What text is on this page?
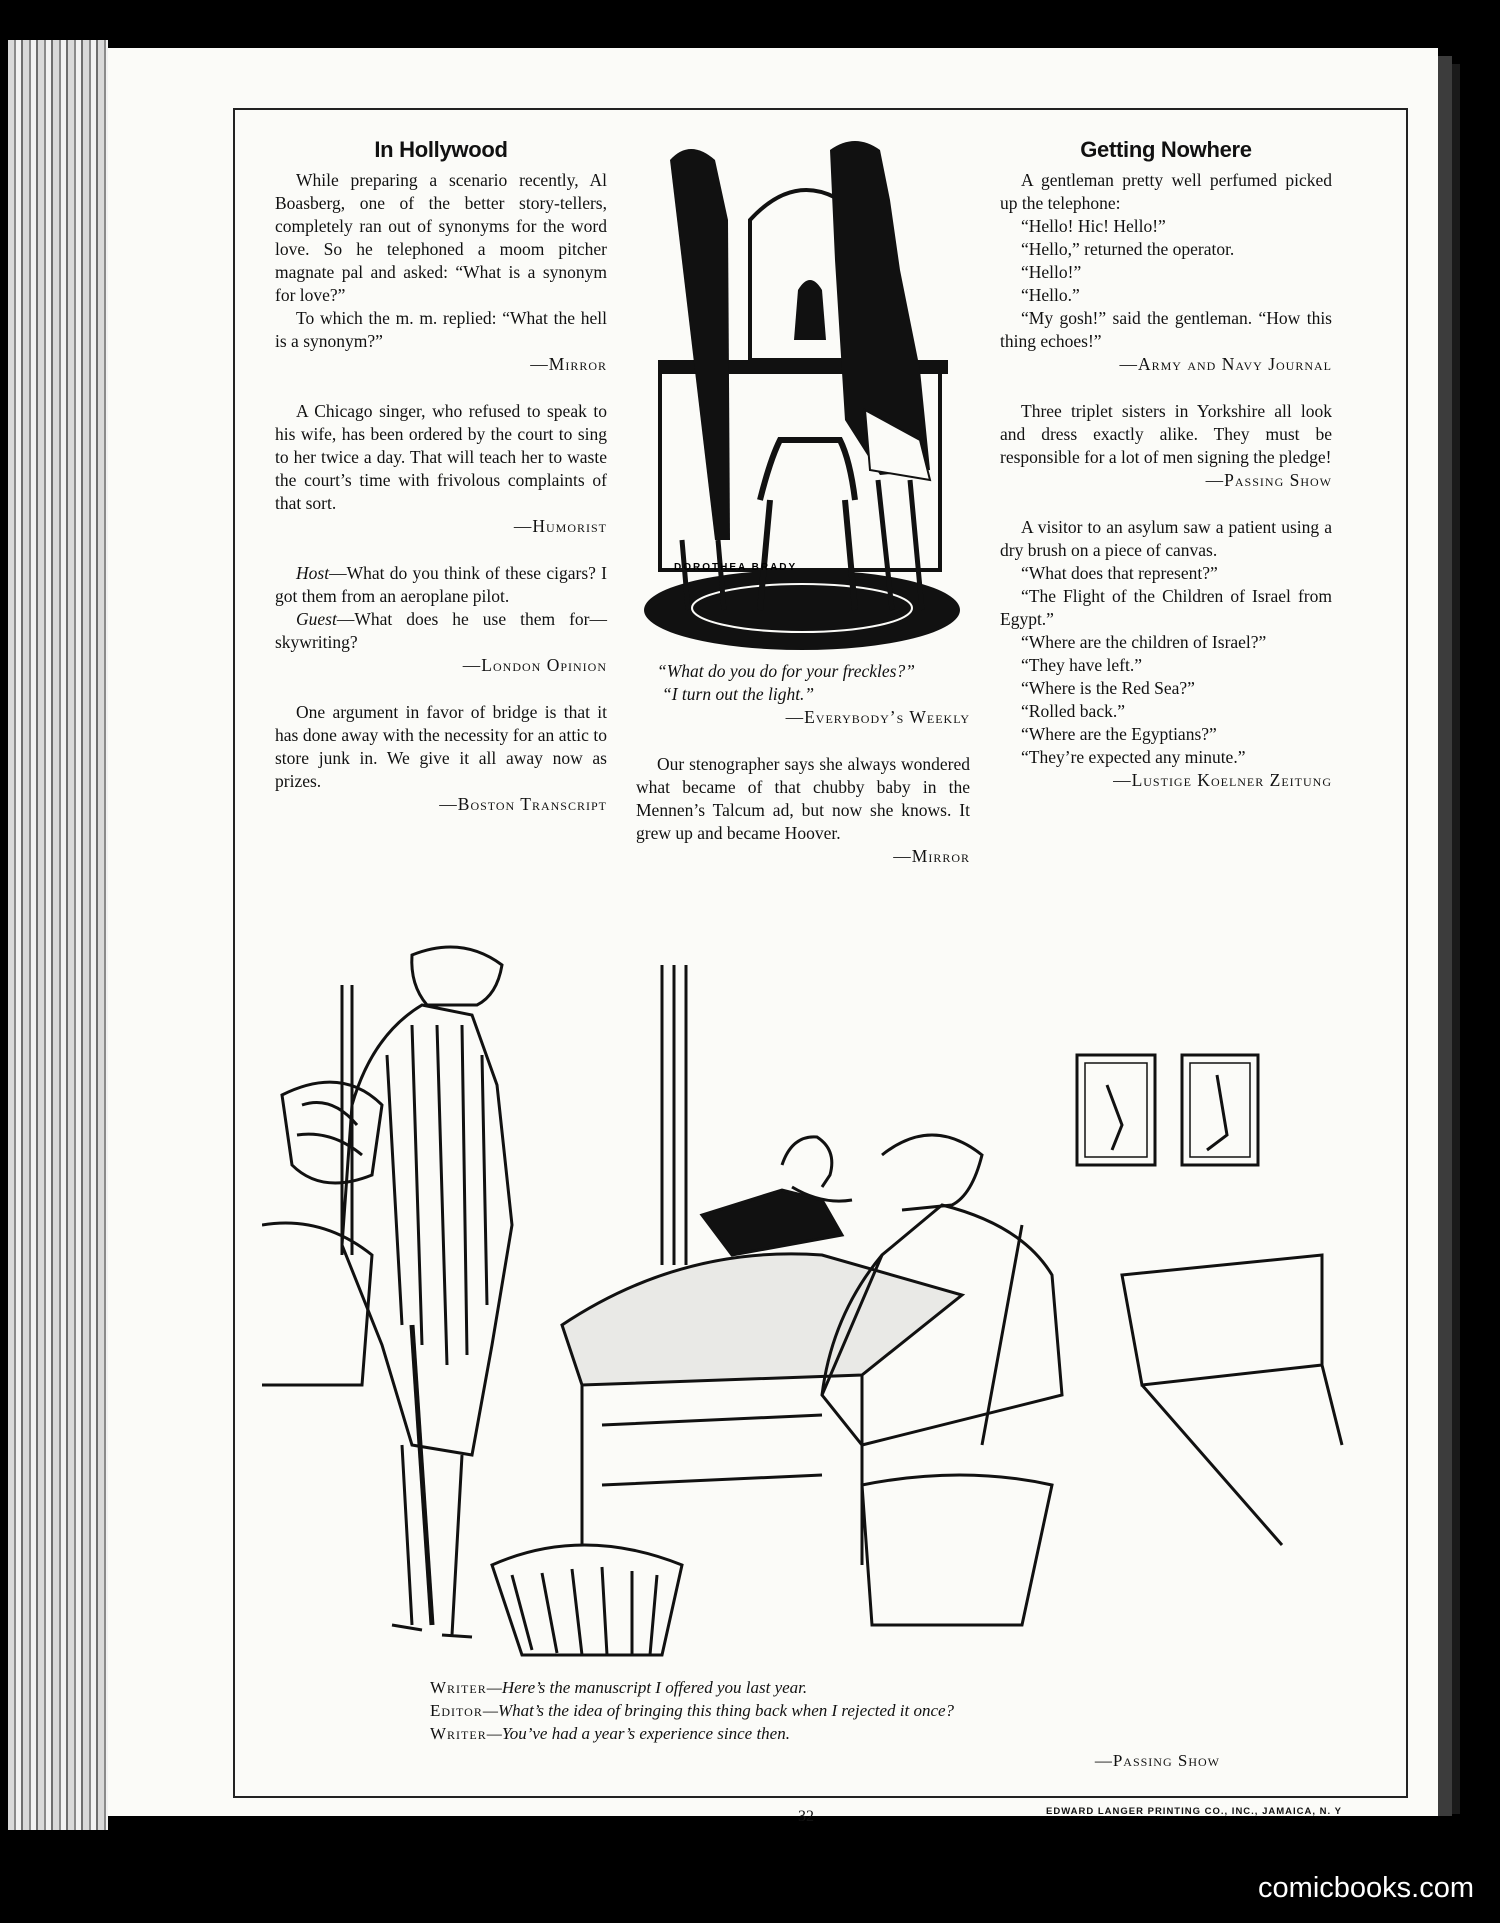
In Hollywood

While preparing a scenario recently, Al Boasberg, one of the better story-tellers, completely ran out of synonyms for the word love. So he telephoned a moom pitcher magnate pal and asked: “What is a synonym for love?”

To which the m. m. replied: “What the hell is a synonym?”

—Mirror

A Chicago singer, who refused to speak to his wife, has been ordered by the court to sing to her twice a day. That will teach her to waste the court’s time with frivolous complaints of that sort.

—Humorist

Host—What do you think of these cigars? I got them from an aeroplane pilot.

Guest—What does he use them for—skywriting?

—London Opinion

One argument in favor of bridge is that it has done away with the necessity for an attic to store junk in. We give it all away now as prizes.

—Boston Transcript

DOROTHEA BRADY

“What do you do for your freckles?”

“I turn out the light.”

—Everybody’s Weekly

Our stenographer says she always wondered what became of that chubby baby in the Mennen’s Talcum ad, but now she knows. It grew up and became Hoover.

—Mirror

Getting Nowhere

A gentleman pretty well perfumed picked up the telephone:

“Hello! Hic! Hello!”

“Hello,” returned the operator.

“Hello!”

“Hello.”

“My gosh!” said the gentleman. “How this thing echoes!”

—Army and Navy Journal

Three triplet sisters in Yorkshire all look and dress exactly alike. They must be responsible for a lot of men signing the pledge!

—Passing Show

A visitor to an asylum saw a patient using a dry brush on a piece of canvas.

“What does that represent?”

“The Flight of the Children of Israel from Egypt.”

“Where are the children of Israel?”

“They have left.”

“Where is the Red Sea?”

“Rolled back.”

“Where are the Egyptians?”

“They’re expected any minute.”

—Lustige Koelner Zeitung

Writer—Here’s the manuscript I offered you last year.

Editor—What’s the idea of bringing this thing back when I rejected it once?

Writer—You’ve had a year’s experience since then.

—Passing Show

32	EDWARD LANGER PRINTING CO., INC., JAMAICA, N. Y
comicbooks.com
